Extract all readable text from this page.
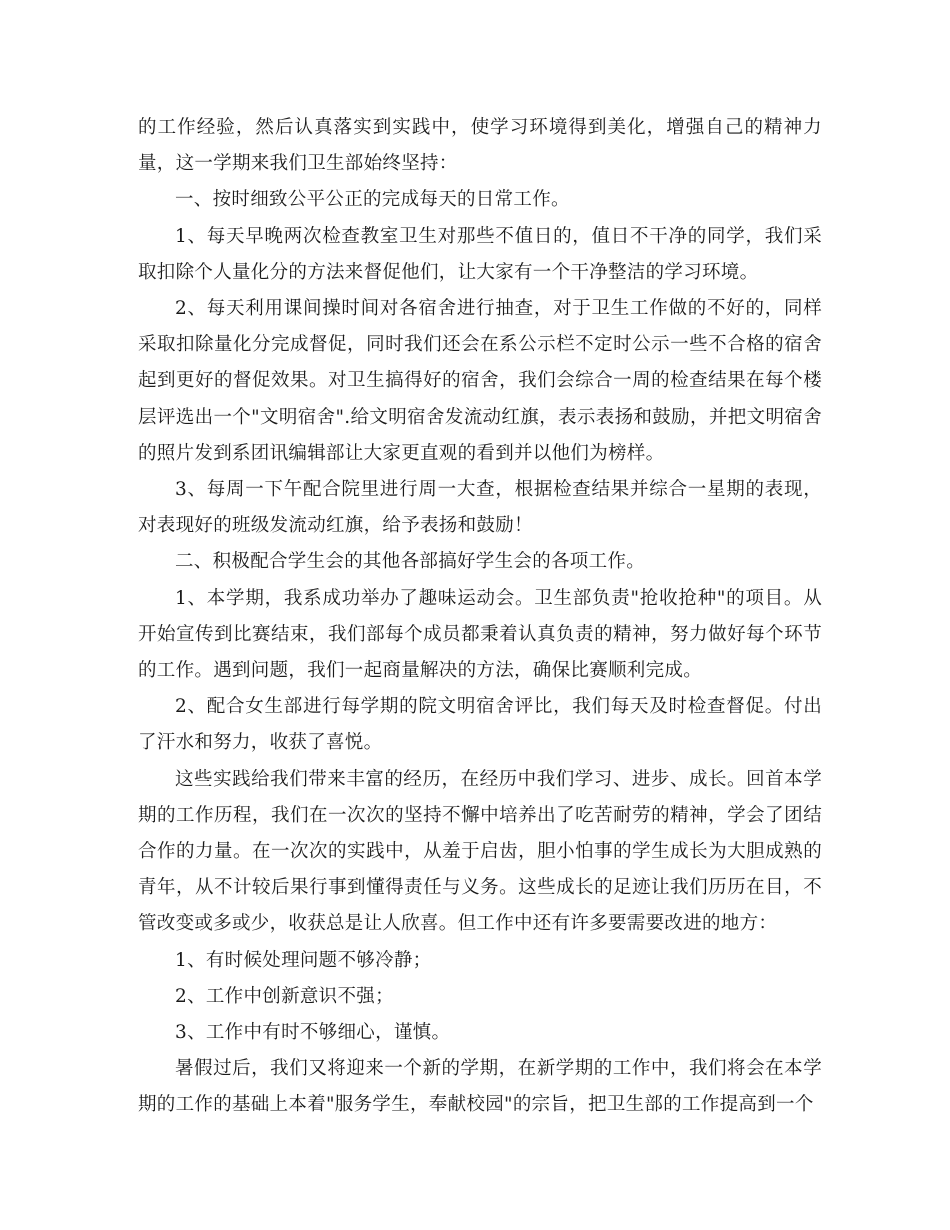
的工作经验，然后认真落实到实践中，使学习环境得到美化，增强自己的精神力量，这一学期来我们卫生部始终坚持：

一、按时细致公平公正的完成每天的日常工作。

1、每天早晚两次检查教室卫生对那些不值日的，值日不干净的同学，我们采取扣除个人量化分的方法来督促他们，让大家有一个干净整洁的学习环境。

2、每天利用课间操时间对各宿舍进行抽查，对于卫生工作做的不好的，同样采取扣除量化分完成督促，同时我们还会在系公示栏不定时公示一些不合格的宿舍起到更好的督促效果。对卫生搞得好的宿舍，我们会综合一周的检查结果在每个楼层评选出一个"文明宿舍".给文明宿舍发流动红旗，表示表扬和鼓励，并把文明宿舍的照片发到系团讯编辑部让大家更直观的看到并以他们为榜样。

3、每周一下午配合院里进行周一大查，根据检查结果并综合一星期的表现，对表现好的班级发流动红旗，给予表扬和鼓励！

二、积极配合学生会的其他各部搞好学生会的各项工作。

1、本学期，我系成功举办了趣味运动会。卫生部负责"抢收抢种"的项目。从开始宣传到比赛结束，我们部每个成员都秉着认真负责的精神，努力做好每个环节的工作。遇到问题，我们一起商量解决的方法，确保比赛顺利完成。

2、配合女生部进行每学期的院文明宿舍评比，我们每天及时检查督促。付出了汗水和努力，收获了喜悦。

这些实践给我们带来丰富的经历，在经历中我们学习、进步、成长。回首本学期的工作历程，我们在一次次的坚持不懈中培养出了吃苦耐劳的精神，学会了团结合作的力量。在一次次的实践中，从羞于启齿，胆小怕事的学生成长为大胆成熟的青年，从不计较后果行事到懂得责任与义务。这些成长的足迹让我们历历在目，不管改变或多或少，收获总是让人欣喜。但工作中还有许多要需要改进的地方：

1、有时候处理问题不够冷静；

2、工作中创新意识不强；

3、工作中有时不够细心，谨慎。

暑假过后，我们又将迎来一个新的学期，在新学期的工作中，我们将会在本学期的工作的基础上本着"服务学生，奉献校园"的宗旨，把卫生部的工作提高到一个
